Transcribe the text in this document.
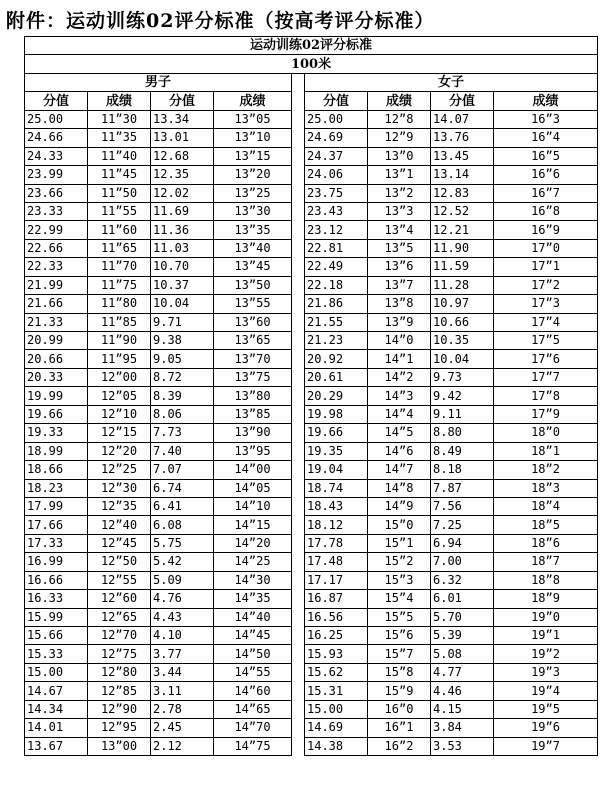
附件：运动训练02评分标准（按高考评分标准）
运动训练02评分标准								
100米								
男子					女子			
分值	成绩	分值	成绩		分值	成绩	分值	成绩
25.00	11”30	13.34	13”05		25.00	12”8	14.07	16”3
24.66	11”35	13.01	13”10		24.69	12”9	13.76	16”4
24.33	11”40	12.68	13”15		24.37	13”0	13.45	16”5
23.99	11”45	12.35	13”20		24.06	13”1	13.14	16”6
23.66	11”50	12.02	13”25		23.75	13”2	12.83	16”7
23.33	11”55	11.69	13”30		23.43	13”3	12.52	16”8
22.99	11”60	11.36	13”35		23.12	13”4	12.21	16”9
22.66	11”65	11.03	13”40		22.81	13”5	11.90	17”0
22.33	11”70	10.70	13”45		22.49	13”6	11.59	17”1
21.99	11”75	10.37	13”50		22.18	13”7	11.28	17”2
21.66	11”80	10.04	13”55		21.86	13”8	10.97	17”3
21.33	11”85	9.71	13”60		21.55	13”9	10.66	17”4
20.99	11”90	9.38	13”65		21.23	14”0	10.35	17”5
20.66	11”95	9.05	13”70		20.92	14”1	10.04	17”6
20.33	12”00	8.72	13”75		20.61	14”2	9.73	17”7
19.99	12”05	8.39	13”80		20.29	14”3	9.42	17”8
19.66	12”10	8.06	13”85		19.98	14”4	9.11	17”9
19.33	12”15	7.73	13”90		19.66	14”5	8.80	18”0
18.99	12”20	7.40	13”95		19.35	14”6	8.49	18”1
18.66	12”25	7.07	14”00		19.04	14”7	8.18	18”2
18.23	12”30	6.74	14”05		18.74	14”8	7.87	18”3
17.99	12”35	6.41	14”10		18.43	14”9	7.56	18”4
17.66	12”40	6.08	14”15		18.12	15”0	7.25	18”5
17.33	12”45	5.75	14”20		17.78	15”1	6.94	18”6
16.99	12”50	5.42	14”25		17.48	15”2	7.00	18”7
16.66	12”55	5.09	14”30		17.17	15”3	6.32	18”8
16.33	12”60	4.76	14”35		16.87	15”4	6.01	18”9
15.99	12”65	4.43	14”40		16.56	15”5	5.70	19”0
15.66	12”70	4.10	14”45		16.25	15”6	5.39	19”1
15.33	12”75	3.77	14”50		15.93	15”7	5.08	19”2
15.00	12”80	3.44	14”55		15.62	15”8	4.77	19”3
14.67	12”85	3.11	14”60		15.31	15”9	4.46	19”4
14.34	12”90	2.78	14”65		15.00	16”0	4.15	19”5
14.01	12”95	2.45	14”70		14.69	16”1	3.84	19”6
13.67	13”00	2.12	14”75		14.38	16”2	3.53	19”7
